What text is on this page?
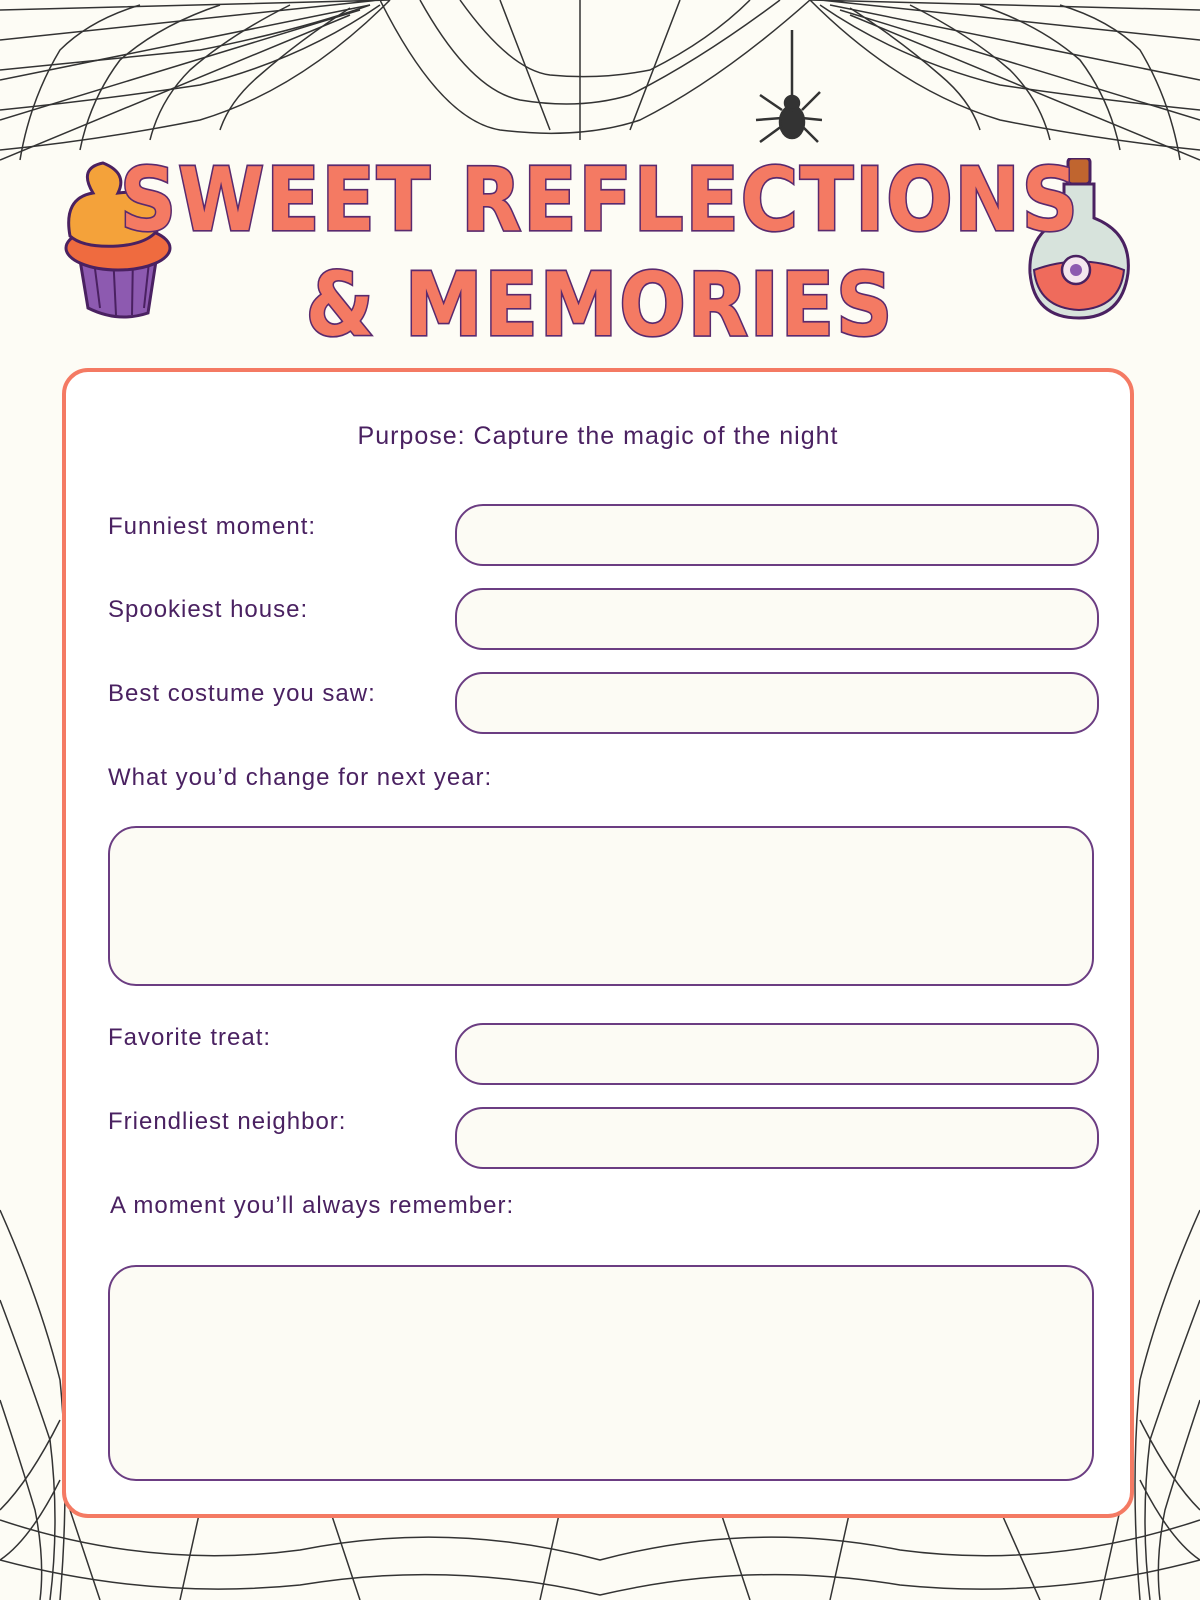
SWEET REFLECTIONS
& MEMORIES
Purpose: Capture the magic of the night
Funniest moment:
Spookiest house:
Best costume you saw:
What you’d change for next year:
Favorite treat:
Friendliest neighbor:
A moment you’ll always remember:
